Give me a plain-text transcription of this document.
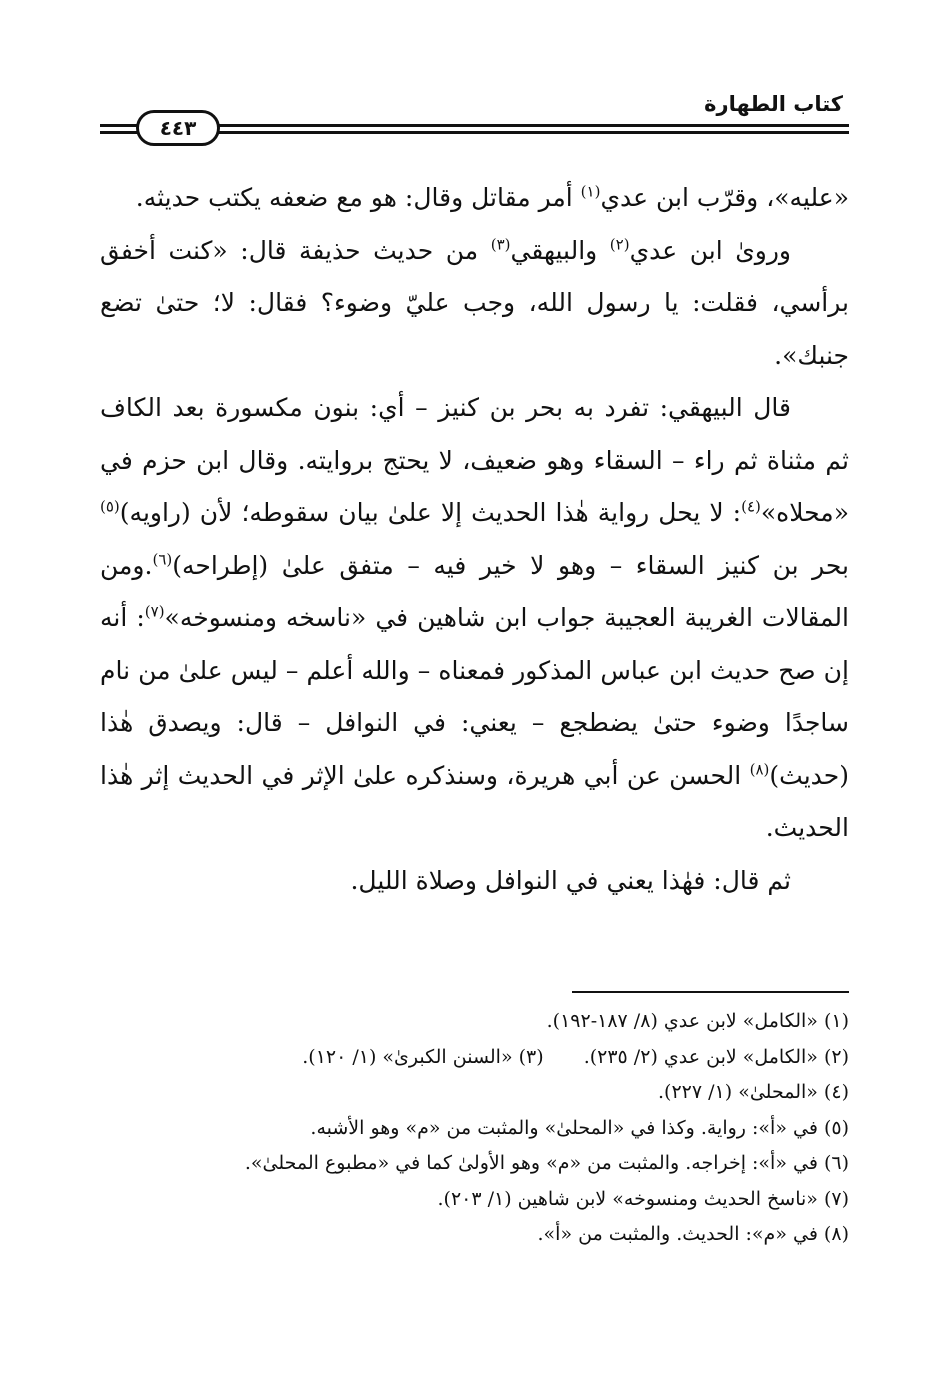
كتاب الطهارة
٤٤٣

«عليه»، وقرّب ابن عدي$^{(١)}$ أمر مقاتل وقال: هو مع ضعفه يكتب حديثه.

وروىٰ ابن عدي$^{(٢)}$ والبيهقي$^{(٣)}$ من حديث حذيفة قال: «كنت أخفق برأسي، فقلت: يا رسول الله، وجب عليّ وضوء؟ فقال: لا؛ حتىٰ تضع جنبك».

قال البيهقي: تفرد به بحر بن كنيز – أي: بنون مكسورة بعد الكاف ثم مثناة ثم راء – السقاء وهو ضعيف، لا يحتج بروايته. وقال ابن حزم في «محلاه»$^{(٤)}$: لا يحل رواية هٰذا الحديث إلا علىٰ بيان سقوطه؛ لأن (راويه)$^{(٥)}$ بحر بن كنيز السقاء – وهو لا خير فيه – متفق علىٰ (إطراحه)$^{(٦)}$.ومن المقالات الغريبة العجيبة جواب ابن شاهين في «ناسخه ومنسوخه»$^{(٧)}$: أنه إن صح حديث ابن عباس المذكور فمعناه – والله أعلم – ليس علىٰ من نام ساجدًا وضوء حتىٰ يضطجع – يعني: في النوافل – قال: ويصدق هٰذا (حديث)$^{(٨)}$ الحسن عن أبي هريرة، وسنذكره علىٰ الإثر في الحديث إثر هٰذا الحديث.

ثم قال: فهٰذا يعني في النوافل وصلاة الليل.

(١) «الكامل» لابن عدي (٨/ ١٨٧-١٩٢).
(٢) «الكامل» لابن عدي (٢/ ٢٣٥).(٣) «السنن الكبرىٰ» (١/ ١٢٠).
(٤) «المحلىٰ» (١/ ٢٢٧).
(٥) في «أ»: رواية. وكذا في «المحلىٰ» والمثبت من «م» وهو الأشبه.
(٦) في «أ»: إخراجه. والمثبت من «م» وهو الأولىٰ كما في «مطبوع المحلىٰ».
(٧) «ناسخ الحديث ومنسوخه» لابن شاهين (١/ ٢٠٣).
(٨) في «م»: الحديث. والمثبت من «أ».
